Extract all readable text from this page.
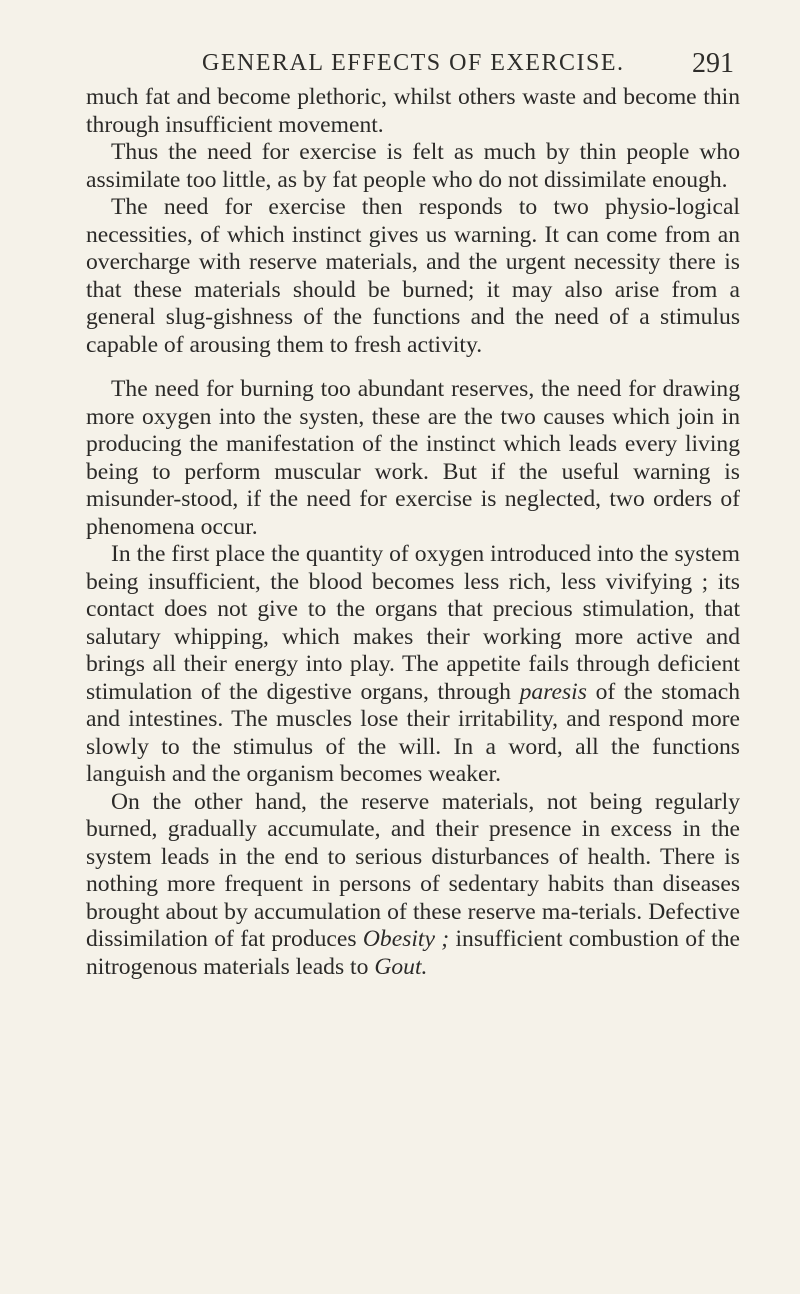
GENERAL EFFECTS OF EXERCISE. 291

much fat and become plethoric, whilst others waste and become thin through insufficient movement.

Thus the need for exercise is felt as much by thin people who assimilate too little, as by fat people who do not dissimilate enough.

The need for exercise then responds to two physio-logical necessities, of which instinct gives us warning. It can come from an overcharge with reserve materials, and the urgent necessity there is that these materials should be burned; it may also arise from a general slug-gishness of the functions and the need of a stimulus capable of arousing them to fresh activity.

The need for burning too abundant reserves, the need for drawing more oxygen into the systen, these are the two causes which join in producing the manifestation of the instinct which leads every living being to perform muscular work. But if the useful warning is misunder-stood, if the need for exercise is neglected, two orders of phenomena occur.

In the first place the quantity of oxygen introduced into the system being insufficient, the blood becomes less rich, less vivifying ; its contact does not give to the organs that precious stimulation, that salutary whipping, which makes their working more active and brings all their energy into play. The appetite fails through deficient stimulation of the digestive organs, through paresis of the stomach and intestines. The muscles lose their irritability, and respond more slowly to the stimulus of the will. In a word, all the functions languish and the organism becomes weaker.

On the other hand, the reserve materials, not being regularly burned, gradually accumulate, and their presence in excess in the system leads in the end to serious disturbances of health. There is nothing more frequent in persons of sedentary habits than diseases brought about by accumulation of these reserve ma-terials. Defective dissimilation of fat produces Obesity ; insufficient combustion of the nitrogenous materials leads to Gout.
